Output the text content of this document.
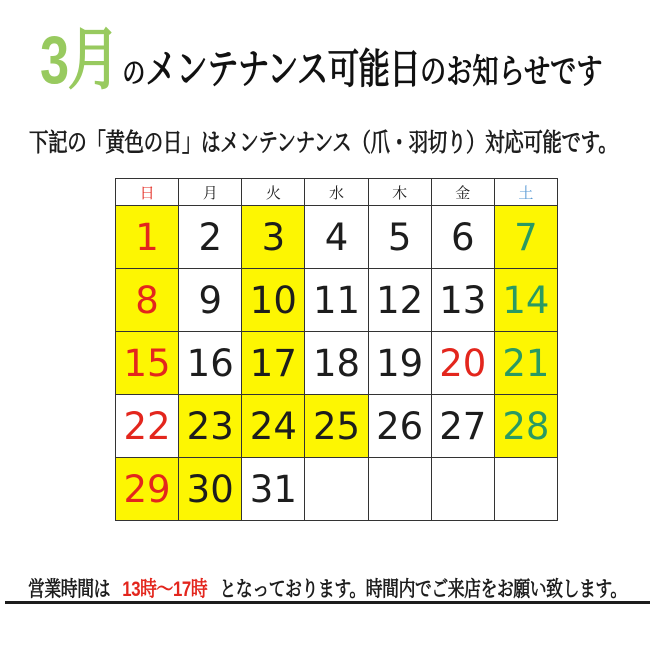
3月 の メンテナンス可能日 のお知らせです
下記の「黄色の日」はメンテンナンス（爪・羽切り）対応可能です。
日	月	火	水	木	金	土
1	2	3	4	5	6	7
8	9	10	11	12	13	14
15	16	17	18	19	20	21
22	23	24	25	26	27	28
29	30	31				
営業時間は 13時～17時 となっております。時間内でご来店をお願い致します。
